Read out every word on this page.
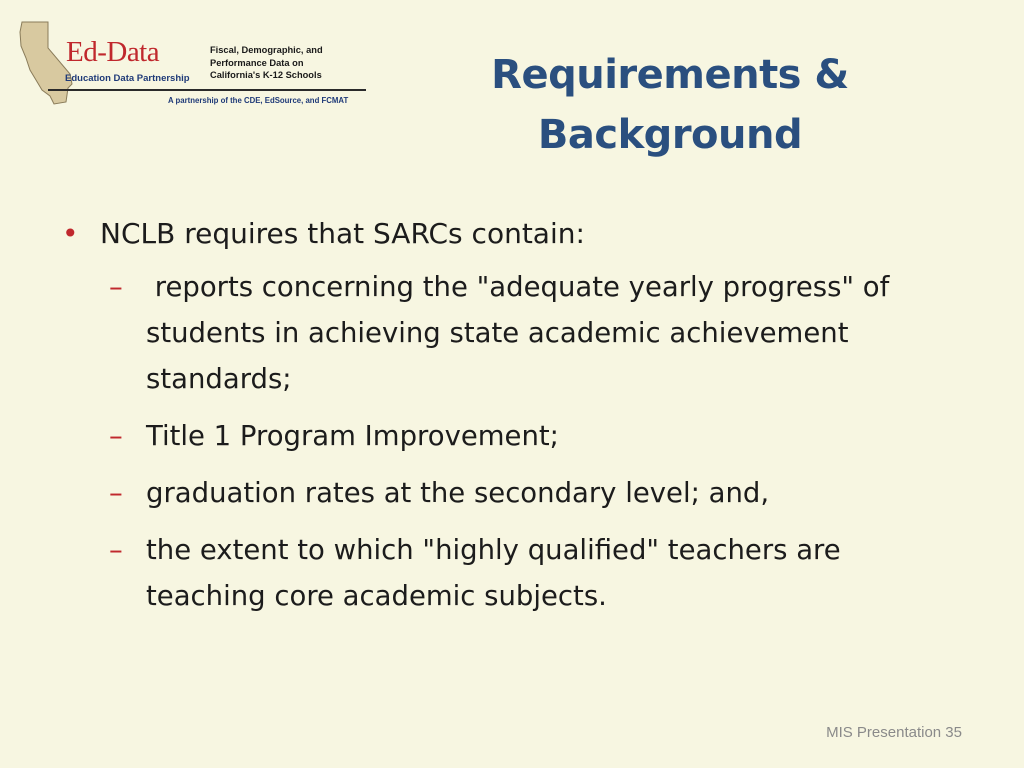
Ed-Data
Education Data Partnership
Fiscal, Demographic, and
Performance Data on
California's K-12 Schools
A partnership of the CDE, EdSource, and FCMAT
Requirements &
Background
• NCLB requires that SARCs contain:
– reports concerning the "adequate yearly progress" of students in achieving state academic achievement standards;
– Title 1 Program Improvement;
– graduation rates at the secondary level; and,
– the extent to which "highly qualified" teachers are teaching core academic subjects.
MIS Presentation 35
